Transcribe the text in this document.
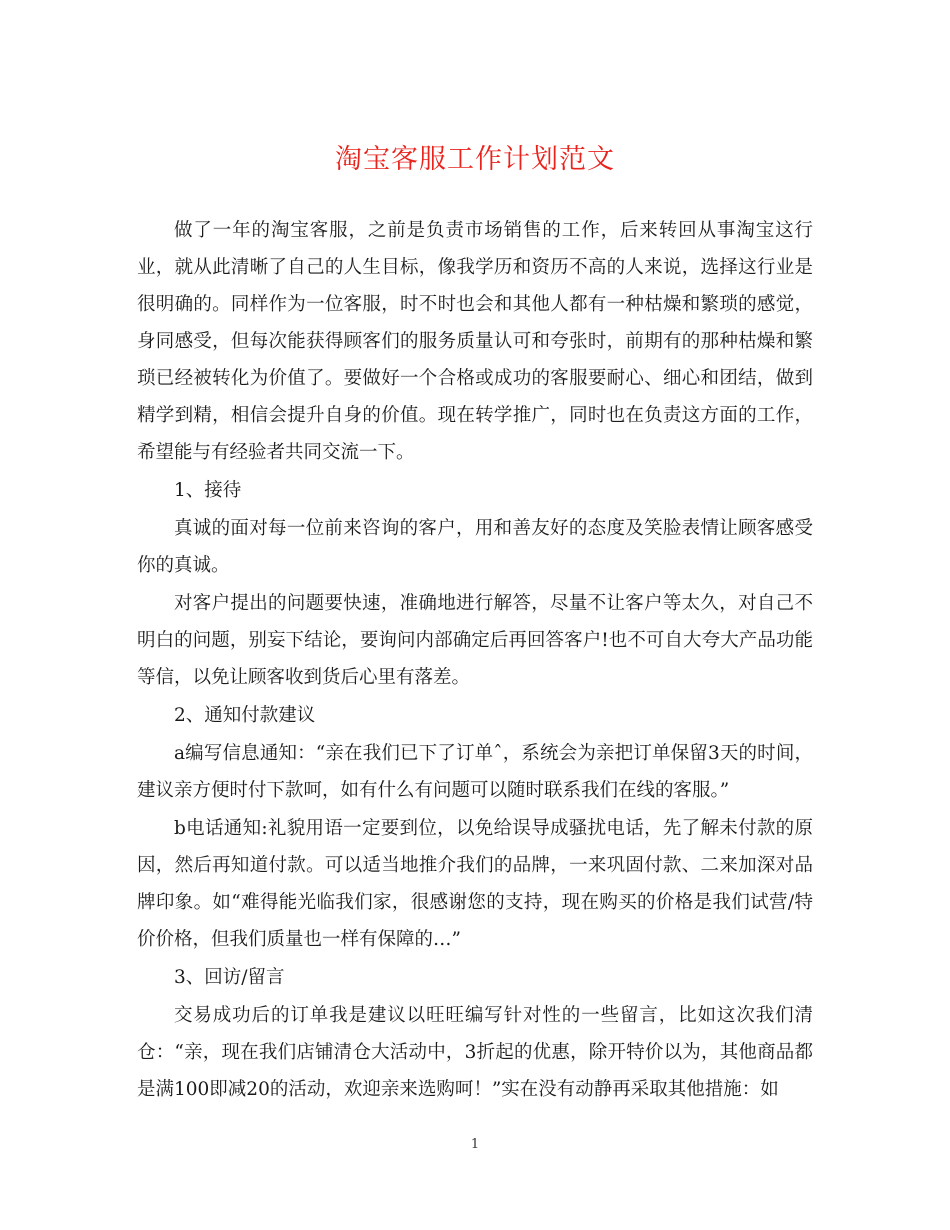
淘宝客服工作计划范文

做了一年的淘宝客服，之前是负责市场销售的工作，后来转回从事淘宝这行业，就从此清晰了自己的人生目标，像我学历和资历不高的人来说，选择这行业是很明确的。同样作为一位客服，时不时也会和其他人都有一种枯燥和繁琐的感觉，身同感受，但每次能获得顾客们的服务质量认可和夸张时，前期有的那种枯燥和繁琐已经被转化为价值了。要做好一个合格或成功的客服要耐心、细心和团结，做到精学到精，相信会提升自身的价值。现在转学推广，同时也在负责这方面的工作，希望能与有经验者共同交流一下。

1、接待

真诚的面对每一位前来咨询的客户，用和善友好的态度及笑脸表情让顾客感受你的真诚。

对客户提出的问题要快速，准确地进行解答，尽量不让客户等太久，对自己不明白的问题，别妄下结论，要询问内部确定后再回答客户!也不可自大夸大产品功能等信，以免让顾客收到货后心里有落差。

2、通知付款建议

a编写信息通知：“亲在我们已下了订单ˆ，系统会为亲把订单保留3天的时间，建议亲方便时付下款呵，如有什么有问题可以随时联系我们在线的客服。”

b电话通知:礼貌用语一定要到位，以免给误导成骚扰电话，先了解未付款的原因，然后再知道付款。可以适当地推介我们的品牌，一来巩固付款、二来加深对品牌印象。如“难得能光临我们家，很感谢您的支持，现在购买的价格是我们试营/特价价格，但我们质量也一样有保障的…”

3、回访/留言

交易成功后的订单我是建议以旺旺编写针对性的一些留言，比如这次我们清仓：“亲，现在我们店铺清仓大活动中，3折起的优惠，除开特价以为，其他商品都是满100即减20的活动，欢迎亲来选购呵！”实在没有动静再采取其他措施：如

1
